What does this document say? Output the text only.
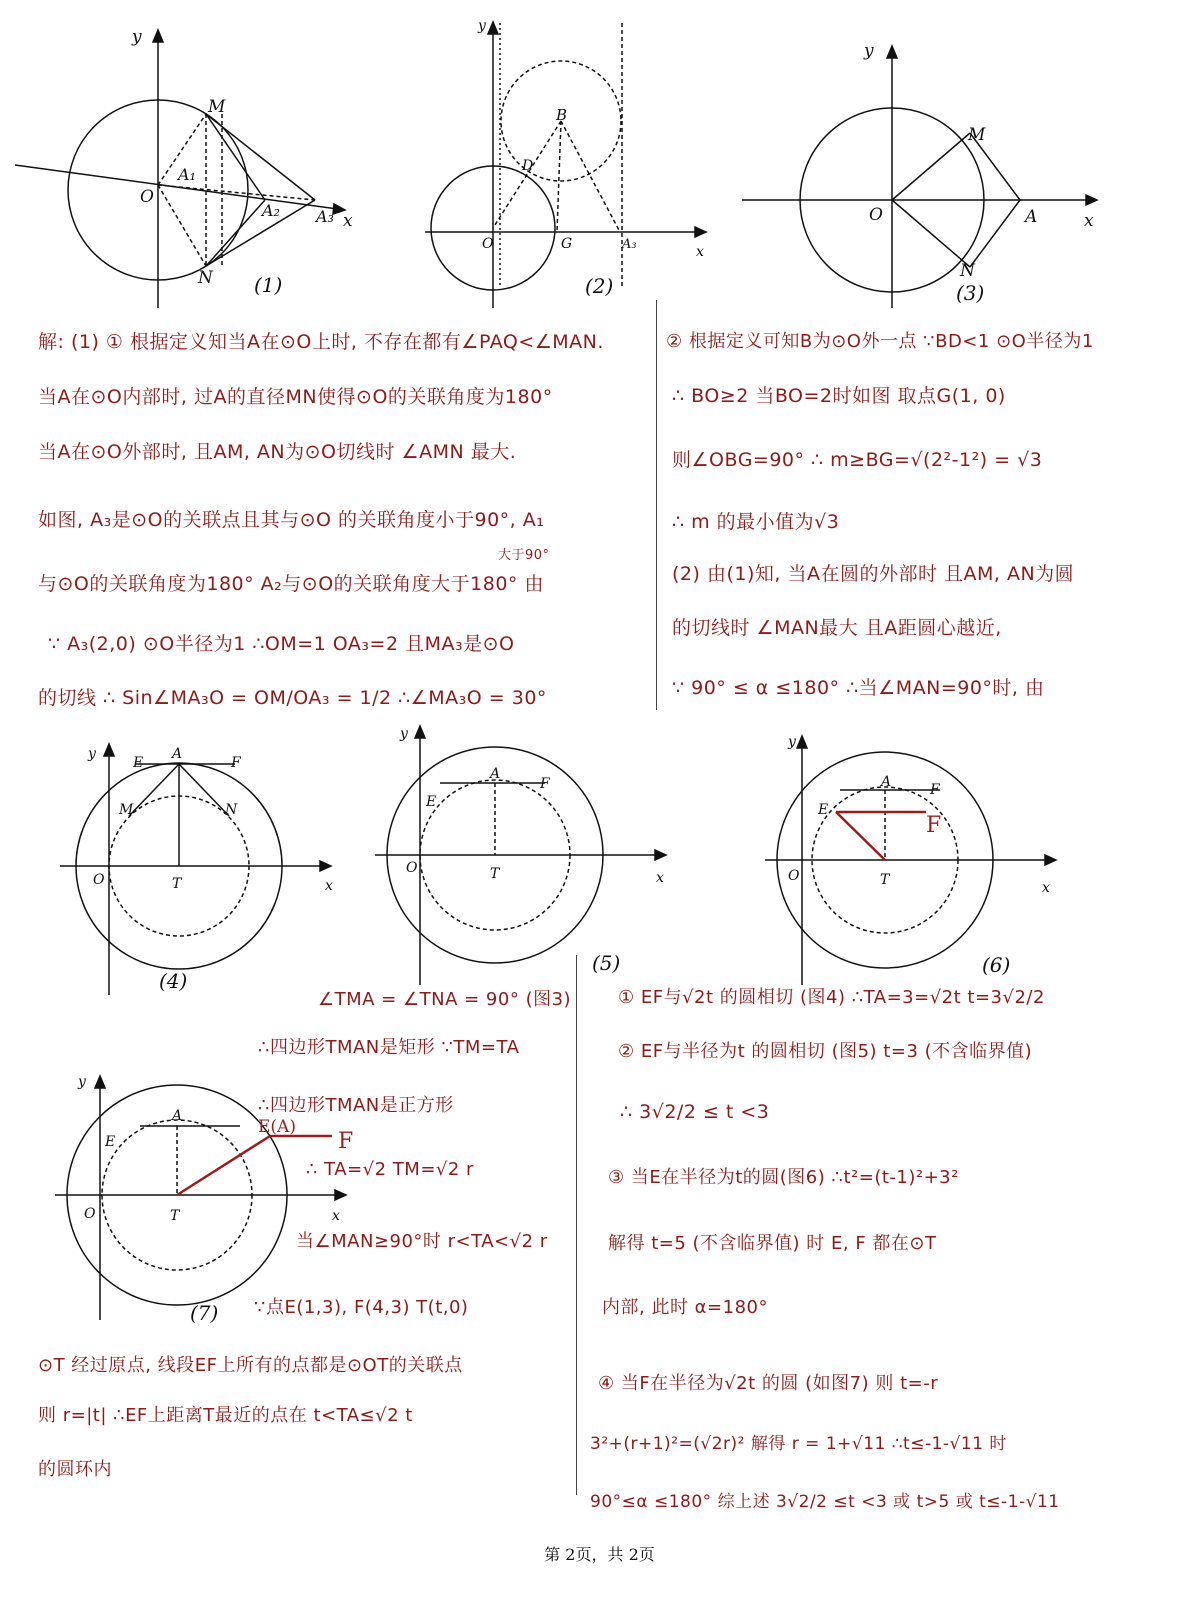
y
x
O
M
N
A₁
A₂ A₃
(1)
y
x
O
B
D
G	A₃
(2)
y
x
O
M
N
A
(3)
y
x
O	T
E
A
F
M	N
(4)
y
x
O	T
E
A
F
(5)
y
x
O	T
E
A	F
F
(6)
y
x
O	T
E
A
E(A)
F
(7)
解: (1) ① 根据定义知当A在⊙O上时, 不存在都有∠PAQ<∠MAN.
当A在⊙O内部时, 过A的直径MN使得⊙O的关联角度为180°
当A在⊙O外部时, 且AM, AN为⊙O切线时 ∠AMN 最大.
如图, A₃是⊙O的关联点且其与⊙O 的关联角度小于90°, A₁
大于90°
与⊙O的关联角度为180° A₂与⊙O的关联角度大于180° 由
∵ A₃(2,0) ⊙O半径为1 ∴OM=1 OA₃=2 且MA₃是⊙O
的切线 ∴ Sin∠MA₃O = OM/OA₃ = 1/2 ∴∠MA₃O = 30°
② 根据定义可知B为⊙O外一点 ∵BD<1 ⊙O半径为1
∴ BO≥2 当BO=2时如图 取点G(1, 0)
则∠OBG=90° ∴ m≥BG=√(2²-1²) = √3
∴ m 的最小值为√3
(2) 由(1)知, 当A在圆的外部时 且AM, AN为圆
的切线时 ∠MAN最大 且A距圆心越近,
∵ 90° ≤ α ≤180° ∴当∠MAN=90°时, 由
∠TMA = ∠TNA = 90° (图3)
∴四边形TMAN是矩形 ∵TM=TA
∴四边形TMAN是正方形
∴ TA=√2 TM=√2 r
当∠MAN≥90°时 r<TA<√2 r
∵点E(1,3), F(4,3) T(t,0)
⊙T 经过原点, 线段EF上所有的点都是⊙OT的关联点
则 r=|t| ∴EF上距离T最近的点在 t<TA≤√2 t
的圆环内
① EF与√2t 的圆相切 (图4) ∴TA=3=√2t t=3√2/2
② EF与半径为t 的圆相切 (图5) t=3 (不含临界值)
∴ 3√2/2 ≤ t <3
③ 当E在半径为t的圆(图6) ∴t²=(t-1)²+3²
解得 t=5 (不含临界值) 时 E, F 都在⊙T
内部, 此时 α=180°
④ 当F在半径为√2t 的圆 (如图7) 则 t=-r
3²+(r+1)²=(√2r)² 解得 r = 1+√11 ∴t≤-1-√11 时
90°≤α ≤180° 综上述 3√2/2 ≤t <3 或 t>5 或 t≤-1-√11
第 2页，共 2页
